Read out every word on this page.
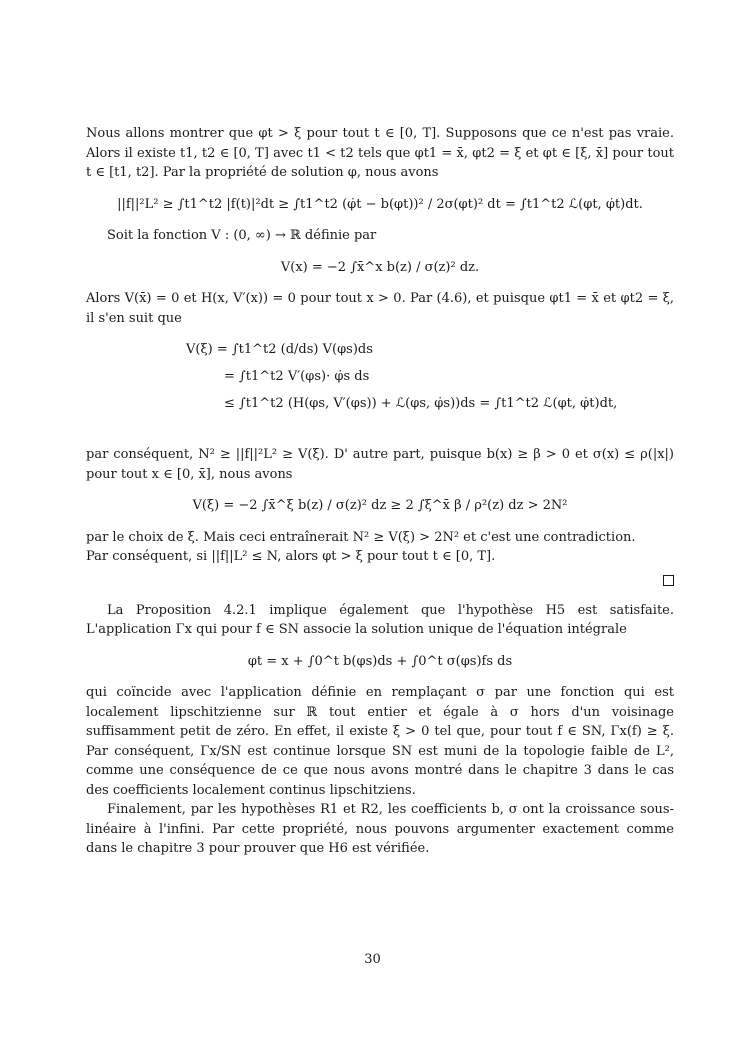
Nous allons montrer que φt > ξ pour tout t ∈ [0, T]. Supposons que ce n'est pas vraie. Alors il existe t1, t2 ∈ [0, T] avec t1 < t2 tels que φt1 = x̄, φt2 = ξ et φt ∈ [ξ, x̄] pour tout t ∈ [t1, t2]. Par la propriété de solution φ, nous avons

||f||²L² ≥ ∫t1^t2 |f(t)|²dt ≥ ∫t1^t2 (φ̇t − b(φt))² / 2σ(φt)² dt = ∫t1^t2 ℒ(φt, φ̇t)dt.

Soit la fonction V : (0, ∞) → ℝ définie par

V(x) = −2 ∫x̄^x b(z) / σ(z)² dz.

Alors V(x̄) = 0 et H(x, V′(x)) = 0 pour tout x > 0. Par (4.6), et puisque φt1 = x̄ et φt2 = ξ, il s'en suit que

V(ξ) = ∫t1^t2 (d/ds) V(φs)ds
= ∫t1^t2 V′(φs)· φ̇s ds
≤ ∫t1^t2 (H(φs, V′(φs)) + ℒ(φs, φ̇s))ds = ∫t1^t2 ℒ(φt, φ̇t)dt,

par conséquent, N² ≥ ||f||²L² ≥ V(ξ). D' autre part, puisque b(x) ≥ β > 0 et σ(x) ≤ ρ(|x|) pour tout x ∈ [0, x̄], nous avons

V(ξ) = −2 ∫x̄^ξ b(z) / σ(z)² dz ≥ 2 ∫ξ^x̄ β / ρ²(z) dz > 2N²

par le choix de ξ. Mais ceci entraînerait N² ≥ V(ξ) > 2N² et c'est une contradiction.

Par conséquent, si ||f||L² ≤ N, alors φt > ξ pour tout t ∈ [0, T].

La Proposition 4.2.1 implique également que l'hypothèse H5 est satisfaite. L'application Γx qui pour f ∈ SN associe la solution unique de l'équation intégrale

φt = x + ∫0^t b(φs)ds + ∫0^t σ(φs)fs ds

qui coïncide avec l'application définie en remplaçant σ par une fonction qui est localement lipschitzienne sur ℝ tout entier et égale à σ hors d'un voisinage suffisamment petit de zéro. En effet, il existe ξ > 0 tel que, pour tout f ∈ SN, Γx(f) ≥ ξ. Par conséquent, Γx/SN est continue lorsque SN est muni de la topologie faible de L², comme une conséquence de ce que nous avons montré dans le chapitre 3 dans le cas des coefficients localement continus lipschitziens.

Finalement, par les hypothèses R1 et R2, les coefficients b, σ ont la croissance sous-linéaire à l'infini. Par cette propriété, nous pouvons argumenter exactement comme dans le chapitre 3 pour prouver que H6 est vérifiée.

30
